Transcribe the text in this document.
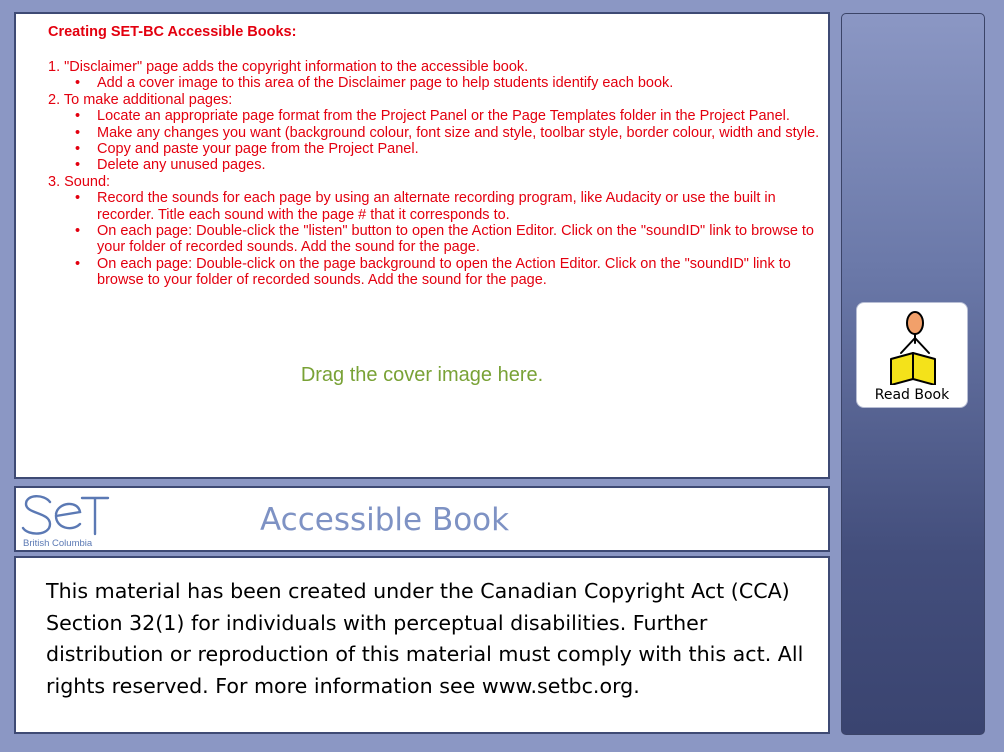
Creating SET-BC Accessible Books:

1. "Disclaimer" page adds the copyright information to the accessible book.
• Add a cover image to this area of the Disclaimer page to help students identify each book.
2. To make additional pages:
• Locate an appropriate page format from the Project Panel or the Page Templates folder in the Project Panel.
• Make any changes you want (background colour, font size and style, toolbar style, border colour, width and style.
• Copy and paste your page from the Project Panel.
• Delete any unused pages.
3. Sound:
• Record the sounds for each page by using an alternate recording program, like Audacity or use the built in recorder. Title each sound with the page # that it corresponds to.
• On each page: Double-click the "listen" button to open the Action Editor. Click on the "soundID" link to browse to your folder of recorded sounds. Add the sound for the page.
• On each page: Double-click on the page background to open the Action Editor. Click on the "soundID" link to browse to your folder of recorded sounds. Add the sound for the page.
Drag the cover image here.
British Columbia
Accessible Book

This material has been created under the Canadian Copyright Act (CCA)

Section 32(1) for individuals with perceptual disabilities. Further

distribution or reproduction of this material must comply with this act. All

rights reserved. For more information see www.setbc.org.

Read Book
